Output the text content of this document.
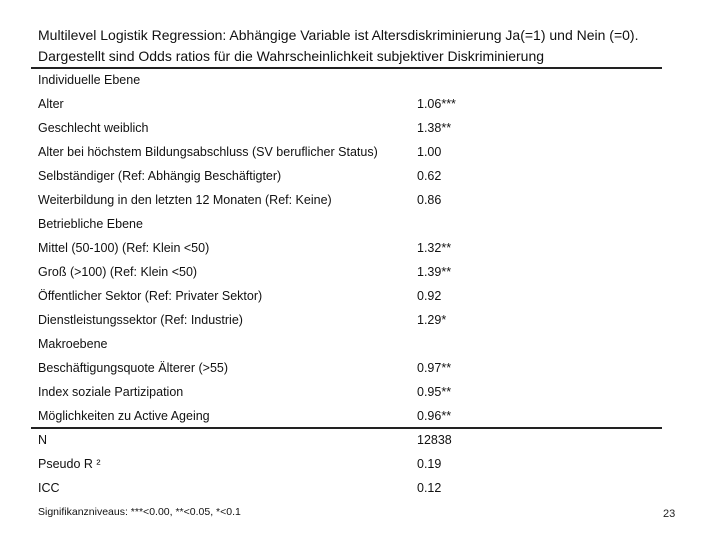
Multilevel Logistik Regression: Abhängige Variable ist Altersdiskriminierung Ja(=1) und Nein (=0). Dargestellt sind Odds ratios für die Wahrscheinlichkeit subjektiver Diskriminierung
Individuelle Ebene
Alter	1.06***
Geschlecht weiblich	1.38**
Alter bei höchstem Bildungsabschluss (SV beruflicher Status)	1.00
Selbständiger (Ref: Abhängig Beschäftigter)	0.62
Weiterbildung in den letzten 12 Monaten (Ref: Keine)	0.86
Betriebliche Ebene
Mittel (50-100) (Ref: Klein <50)	1.32**
Groß (>100) (Ref: Klein <50)	1.39**
Öffentlicher Sektor (Ref: Privater Sektor)	0.92
Dienstleistungssektor (Ref: Industrie)	1.29*
Makroebene
Beschäftigungsquote Älterer (>55)	0.97**
Index soziale Partizipation	0.95**
Möglichkeiten zu Active Ageing	0.96**
N	12838
Pseudo R ²	0.19
ICC	0.12
Signifikanzniveaus: ***<0.00, **<0.05, *<0.1	23
